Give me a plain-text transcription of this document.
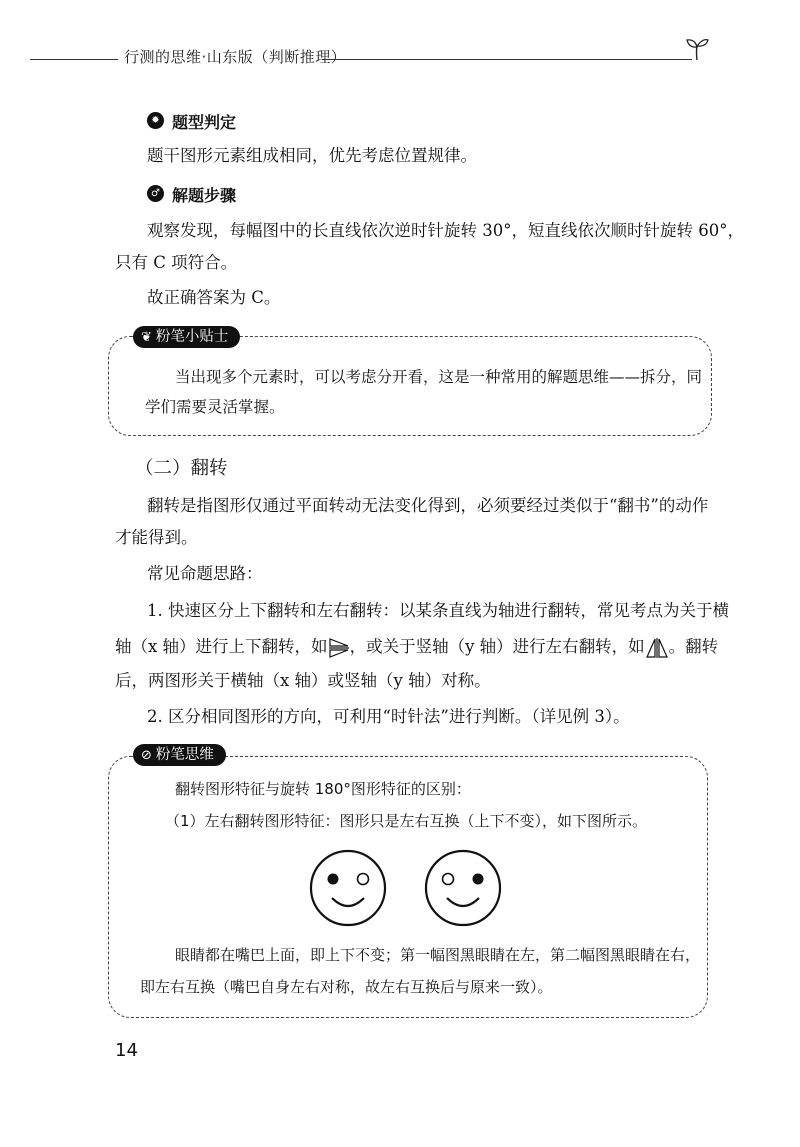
行测的思维·山东版（判断推理）
✹ 题型判定
题干图形元素组成相同，优先考虑位置规律。
♂ 解题步骤
观察发现，每幅图中的长直线依次逆时针旋转 30°，短直线依次顺时针旋转 60°，
只有 C 项符合。
故正确答案为 C。
❦ 粉笔小贴士
当出现多个元素时，可以考虑分开看，这是一种常用的解题思维——拆分，同
学们需要灵活掌握。
（二）翻转
翻转是指图形仅通过平面转动无法变化得到，必须要经过类似于“翻书”的动作
才能得到。
常见命题思路：
1. 快速区分上下翻转和左右翻转：以某条直线为轴进行翻转，常见考点为关于横
轴（x 轴）进行上下翻转，如 ，或关于竖轴（y 轴）进行左右翻转，如 。翻转
后，两图形关于横轴（x 轴）或竖轴（y 轴）对称。
2. 区分相同图形的方向，可利用“时针法”进行判断。（详见例 3）。
⊘ 粉笔思维
翻转图形特征与旋转 180°图形特征的区别：
（1）左右翻转图形特征：图形只是左右互换（上下不变），如下图所示。
眼睛都在嘴巴上面，即上下不变；第一幅图黑眼睛在左，第二幅图黑眼睛在右，
即左右互换（嘴巴自身左右对称，故左右互换后与原来一致）。
14
